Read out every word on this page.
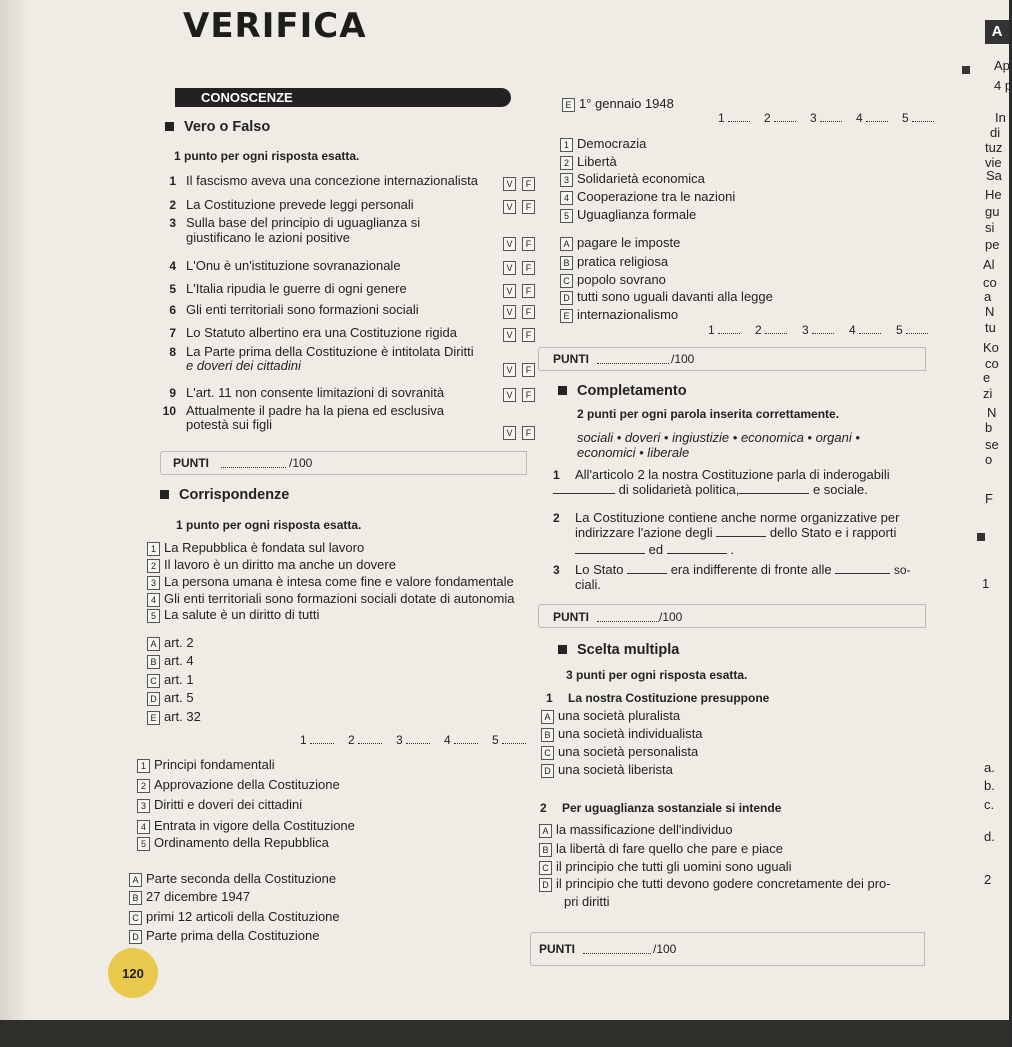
VERIFICA	A
CONOSCENZE
Vero o Falso
1 punto per ogni risposta esatta.
1 Il fascismo aveva una concezione internazionalista	V F
2 La Costituzione prevede leggi personali	V F
3 Sulla base del principio di uguaglianza si
giustificano le azioni positive	V F
4 L'Onu è un'istituzione sovranazionale	V F
5 L'Italia ripudia le guerre di ogni genere	V F
6 Gli enti territoriali sono formazioni sociali	V F
7 Lo Statuto albertino era una Costituzione rigida	V F
8 La Parte prima della Costituzione è intitolata Diritti
e doveri dei cittadini	V F
9 L'art. 11 non consente limitazioni di sovranità	V F
10 Attualmente il padre ha la piena ed esclusiva
potestà sui figli
V F
PUNTI	/100
Corrispondenze
1 punto per ogni risposta esatta.
1 La Repubblica è fondata sul lavoro
2 Il lavoro è un diritto ma anche un dovere
3 La persona umana è intesa come fine e valore fondamentale
4 Gli enti territoriali sono formazioni sociali dotate di autonomia
5 La salute è un diritto di tutti
A art. 2
B art. 4
C art. 1
D art. 5
E art. 32
1	2	3	4	5
1 Principi fondamentali
2 Approvazione della Costituzione
3 Diritti e doveri dei cittadini
4 Entrata in vigore della Costituzione
5 Ordinamento della Repubblica
A Parte seconda della Costituzione
B 27 dicembre 1947
C primi 12 articoli della Costituzione
D Parte prima della Costituzione
120
E 1° gennaio 1948
1	2	3	4	5
1 Democrazia
2 Libertà
3 Solidarietà economica
4 Cooperazione tra le nazioni
5 Uguaglianza formale
A pagare le imposte
B pratica religiosa
C popolo sovrano
D tutti sono uguali davanti alla legge
E internazionalismo
1	2	3	4	5
PUNTI	/100
Completamento
2 punti per ogni parola inserita correttamente.
sociali • doveri • ingiustizie • economica • organi •
economici • liberale
1 All'articolo 2 la nostra Costituzione parla di inderogabili
di solidarietà politica,	e sociale.
2 La Costituzione contiene anche norme organizzative per
indirizzare l'azione degli	dello Stato e i rapporti
ed	.
3 Lo Stato	era indifferente di fronte alle	so-
ciali.
PUNTI	/100
Scelta multipla
3 punti per ogni risposta esatta.
1 La nostra Costituzione presuppone
A una società pluralista
B una società individualista
C una società personalista
D una società liberista
2 Per uguaglianza sostanziale si intende
A la massificazione dell'individuo
B la libertà di fare quello che pare e piace
C il principio che tutti gli uomini sono uguali
D il principio che tutti devono godere concretamente dei pro-
pri diritti
PUNTI	/100
Ap
4 p
In
di
tuz
vie
Sa
He
gu
si
pe
Al
co
a
N
tu
Ko
co
e
zi
N
b
se
o
F
1
a.
b.
c.
d.
2
